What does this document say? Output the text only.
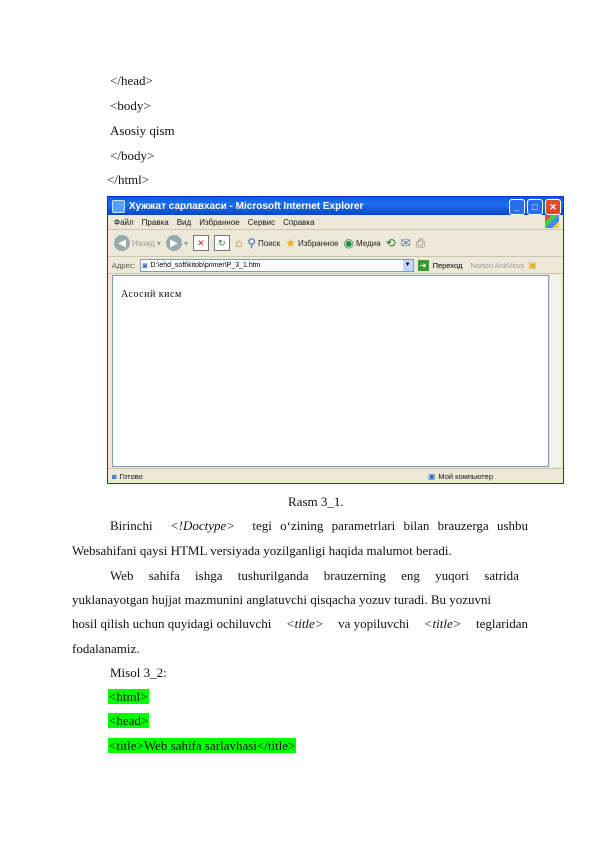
</head>
<body>
Asosiy qism
</body>
</html>
Хужжат сарлавхаси - Microsoft Internet Explorer	_	□	✕
Файл Правка Вид Избранное Сервис Справка
◀ Назад ▾ ▶ ▾	✕	↻ ⌂ ⚲ Поиск ★ Избранное ◉ Медиа ⟲ ✉ ⎙
Адрес: ◙ D:\ehd_soft\kitob\primer\P_3_1.htm	▼ ➜ Переход Norton AntiVirus ▣
Асосий кисм
◙ Готово	▣ Мой компьютер
Rasm 3_1.
Birinchi <!Doctype> tegi o‘zining parametrlari bilan brauzerga ushbu
Websahifani qaysi HTML versiyada yozilganligi haqida malumot beradi.
Web sahifa ishga tushurilganda brauzerning eng yuqori satrida
yuklanayotgan hujjat mazmunini anglatuvchi qisqacha yozuv turadi. Bu yozuvni
hosil qilish uchun quyidagi ochiluvchi <title> va yopiluvchi <title> teglaridan
fodalanamiz.
Misol 3_2:
<html>
<head>
<title>Web sahifa sarlavhasi</title>
